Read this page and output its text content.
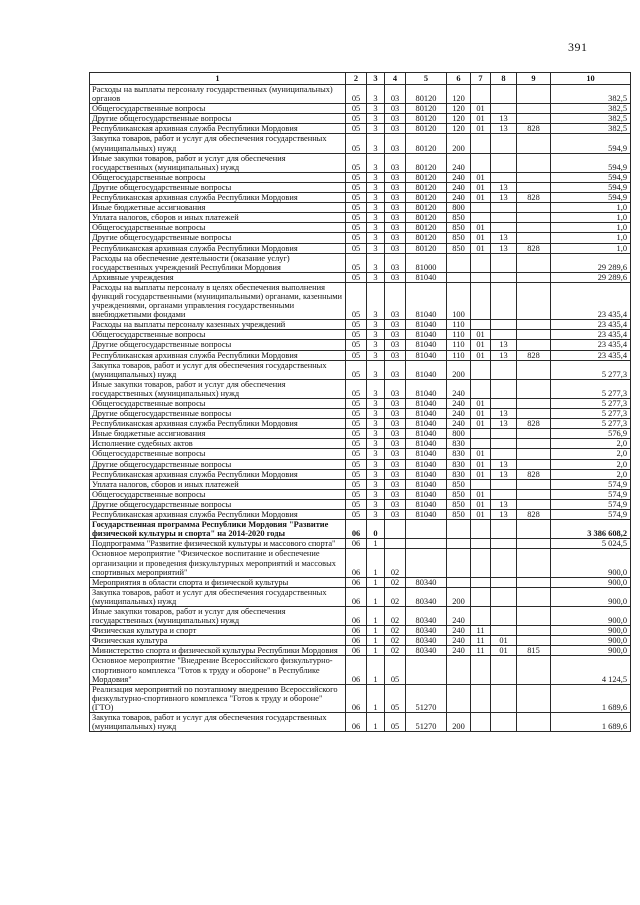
391
1	2	3	4	5	6	7	8	9	10
Расходы на выплаты персоналу государственных (муниципальных) органов	05	3	03	80120	120				382,5
Общегосударственные вопросы	05	3	03	80120	120	01			382,5
Другие общегосударственные вопросы	05	3	03	80120	120	01	13		382,5
Республиканская архивная служба Республики Мордовия	05	3	03	80120	120	01	13	828	382,5
Закупка товаров, работ и услуг для обеспечения государственных (муниципальных) нужд	05	3	03	80120	200				594,9
Иные закупки товаров, работ и услуг для обеспечения государственных (муниципальных) нужд	05	3	03	80120	240				594,9
Общегосударственные вопросы	05	3	03	80120	240	01			594,9
Другие общегосударственные вопросы	05	3	03	80120	240	01	13		594,9
Республиканская архивная служба Республики Мордовия	05	3	03	80120	240	01	13	828	594,9
Иные бюджетные ассигнования	05	3	03	80120	800				1,0
Уплата налогов, сборов и иных платежей	05	3	03	80120	850				1,0
Общегосударственные вопросы	05	3	03	80120	850	01			1,0
Другие общегосударственные вопросы	05	3	03	80120	850	01	13		1,0
Республиканская архивная служба Республики Мордовия	05	3	03	80120	850	01	13	828	1,0
Расходы на обеспечение деятельности (оказание услуг) государственных учреждений Республики Мордовия	05	3	03	81000					29 289,6
Архивные учреждения	05	3	03	81040					29 289,6
Расходы на выплаты персоналу в целях обеспечения выполнения функций государственными (муниципальными) органами, казенными учреждениями, органами управления государственными внебюджетными фондами	05	3	03	81040	100				23 435,4
Расходы на выплаты персоналу казенных учреждений	05	3	03	81040	110				23 435,4
Общегосударственные вопросы	05	3	03	81040	110	01			23 435,4
Другие общегосударственные вопросы	05	3	03	81040	110	01	13		23 435,4
Республиканская архивная служба Республики Мордовия	05	3	03	81040	110	01	13	828	23 435,4
Закупка товаров, работ и услуг для обеспечения государственных (муниципальных) нужд	05	3	03	81040	200				5 277,3
Иные закупки товаров, работ и услуг для обеспечения государственных (муниципальных) нужд	05	3	03	81040	240				5 277,3
Общегосударственные вопросы	05	3	03	81040	240	01			5 277,3
Другие общегосударственные вопросы	05	3	03	81040	240	01	13		5 277,3
Республиканская архивная служба Республики Мордовия	05	3	03	81040	240	01	13	828	5 277,3
Иные бюджетные ассигнования	05	3	03	81040	800				576,9
Исполнение судебных актов	05	3	03	81040	830				2,0
Общегосударственные вопросы	05	3	03	81040	830	01			2,0
Другие общегосударственные вопросы	05	3	03	81040	830	01	13		2,0
Республиканская архивная служба Республики Мордовия	05	3	03	81040	830	01	13	828	2,0
Уплата налогов, сборов и иных платежей	05	3	03	81040	850				574,9
Общегосударственные вопросы	05	3	03	81040	850	01			574,9
Другие общегосударственные вопросы	05	3	03	81040	850	01	13		574,9
Республиканская архивная служба Республики Мордовия	05	3	03	81040	850	01	13	828	574,9
Государственная программа Республики Мордовия "Развитие физической культуры и спорта" на 2014-2020 годы	06	0							3 386 608,2
Подпрограмма "Развитие физической культуры и массового спорта"	06	1							5 024,5
Основное мероприятие "Физическое воспитание и обеспечение организации и проведения физкультурных мероприятий и массовых спортивных мероприятий"	06	1	02						900,0
Мероприятия в области спорта и физической культуры	06	1	02	80340					900,0
Закупка товаров, работ и услуг для обеспечения государственных (муниципальных) нужд	06	1	02	80340	200				900,0
Иные закупки товаров, работ и услуг для обеспечения государственных (муниципальных) нужд	06	1	02	80340	240				900,0
Физическая культура и спорт	06	1	02	80340	240	11			900,0
Физическая культура	06	1	02	80340	240	11	01		900,0
Министерство спорта и физической культуры Республики Мордовия	06	1	02	80340	240	11	01	815	900,0
Основное мероприятие "Внедрение Всероссийского физкультурно-спортивного комплекса "Готов к труду и обороне" в Республике Мордовия"	06	1	05						4 124,5
Реализация мероприятий по поэтапному внедрению Всероссийского физкультурно-спортивного комплекса "Готов к труду и обороне" (ГТО)	06	1	05	51270					1 689,6
Закупка товаров, работ и услуг для обеспечения государственных (муниципальных) нужд	06	1	05	51270	200				1 689,6
